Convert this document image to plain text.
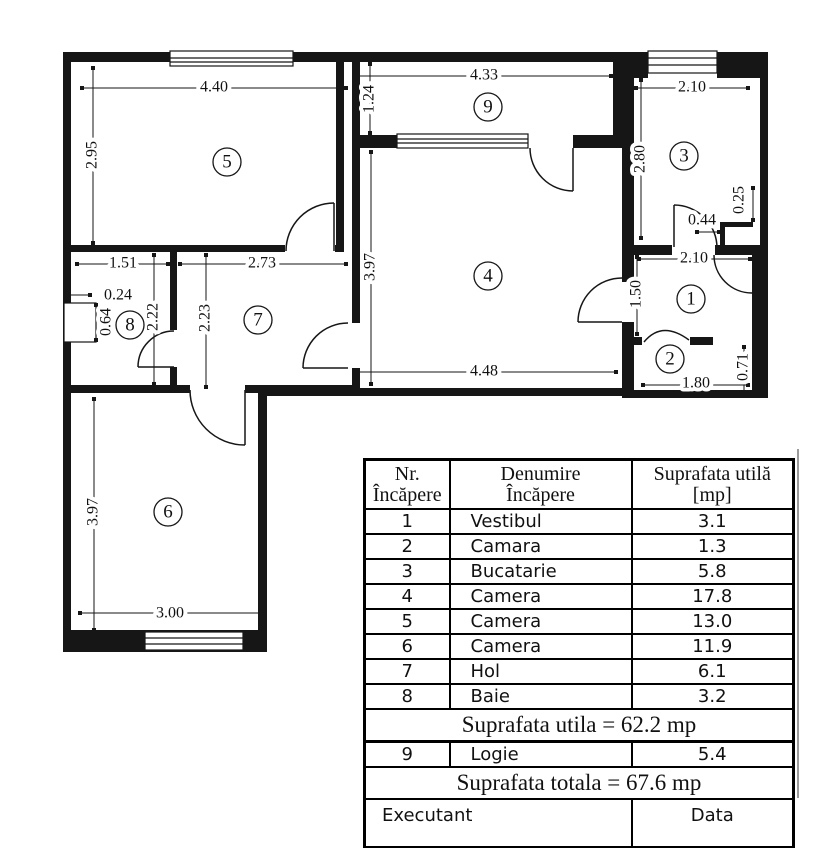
4.40
2.95
4.33
1.24	2.10
2.80
0.25
0.44
2.10
1.50
1.51	2.73
2.22 2.23
0.24
0.64
3.97
4.48
3.97
3.00
1.80
0.71
1
2
3
4
5
6
7
8
9
Nr.
Încăpere

Denumire
Încăpere

Suprafata utilă
[mp]

1	Vestibul	3.1
2	Camara	1.3
3	Bucatarie	5.8
4	Camera	17.8
5	Camera	13.0
6	Camera	11.9
7	Hol	6.1
8	Baie	3.2
Suprafata utila = 62.2 mp		
9	Logie	5.4
Suprafata totala = 67.6 mp		
Executant		Data
